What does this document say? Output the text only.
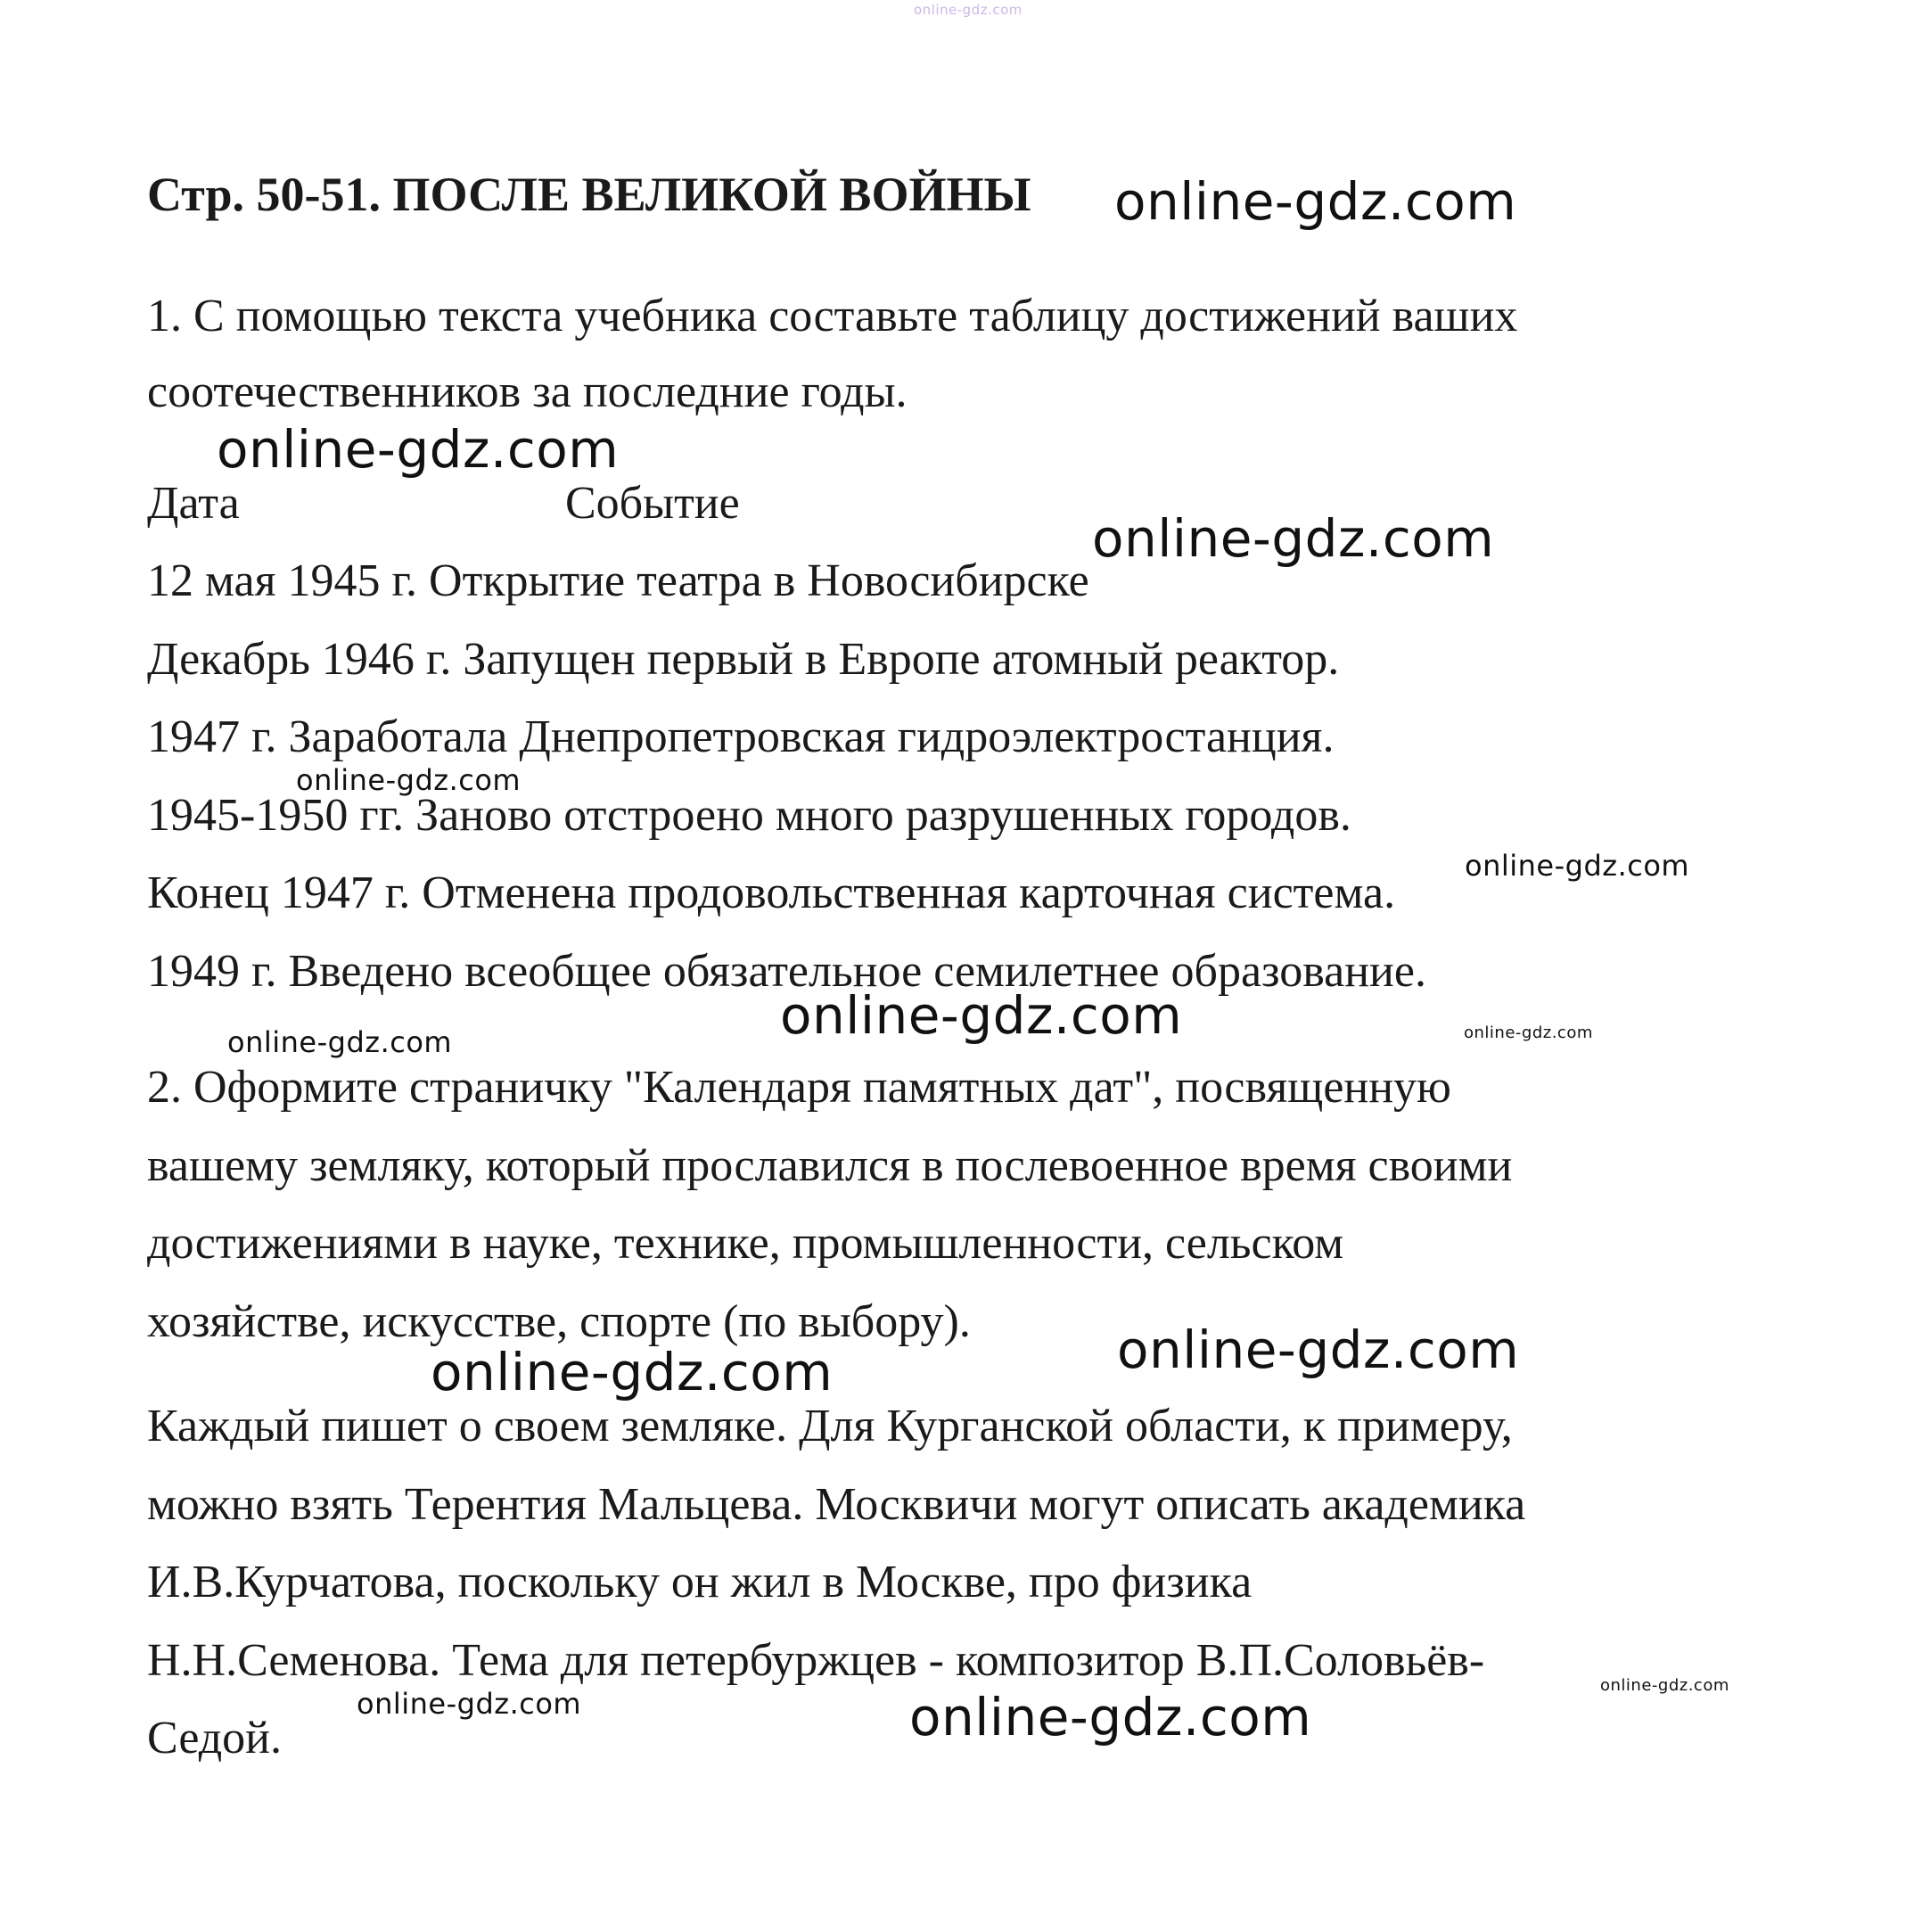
online-gdz.com
Стр. 50-51. ПОСЛЕ ВЕЛИКОЙ ВОЙНЫ online-gdz.com
1. С помощью текста учебника составьте таблицу достижений ваших
соотечественников за последние годы.
online-gdz.com
Дата	Событие
online-gdz.com
12 мая 1945 г. Открытие театра в Новосибирске
Декабрь 1946 г. Запущен первый в Европе атомный реактор.
1947 г. Заработала Днепропетровская гидроэлектростанция.
online-gdz.com
1945-1950 гг. Заново отстроено много разрушенных городов.
online-gdz.com
Конец 1947 г. Отменена продовольственная карточная система.
1949 г. Введено всеобщее обязательное семилетнее образование.
online-gdz.com
online-gdz.com	online-gdz.com
2. Оформите страничку "Календаря памятных дат", посвященную
вашему земляку, который прославился в послевоенное время своими
достижениями в науке, технике, промышленности, сельском
хозяйстве, искусстве, спорте (по выбору).	online-gdz.com
online-gdz.com
Каждый пишет о своем земляке. Для Курганской области, к примеру,
можно взять Терентия Мальцева. Москвичи могут описать академика
И.В.Курчатова, поскольку он жил в Москве, про физика
Н.Н.Семенова. Тема для петербуржцев - композитор В.П.Соловьёв-	online-gdz.com
online-gdz.com	online-gdz.com
Седой.
